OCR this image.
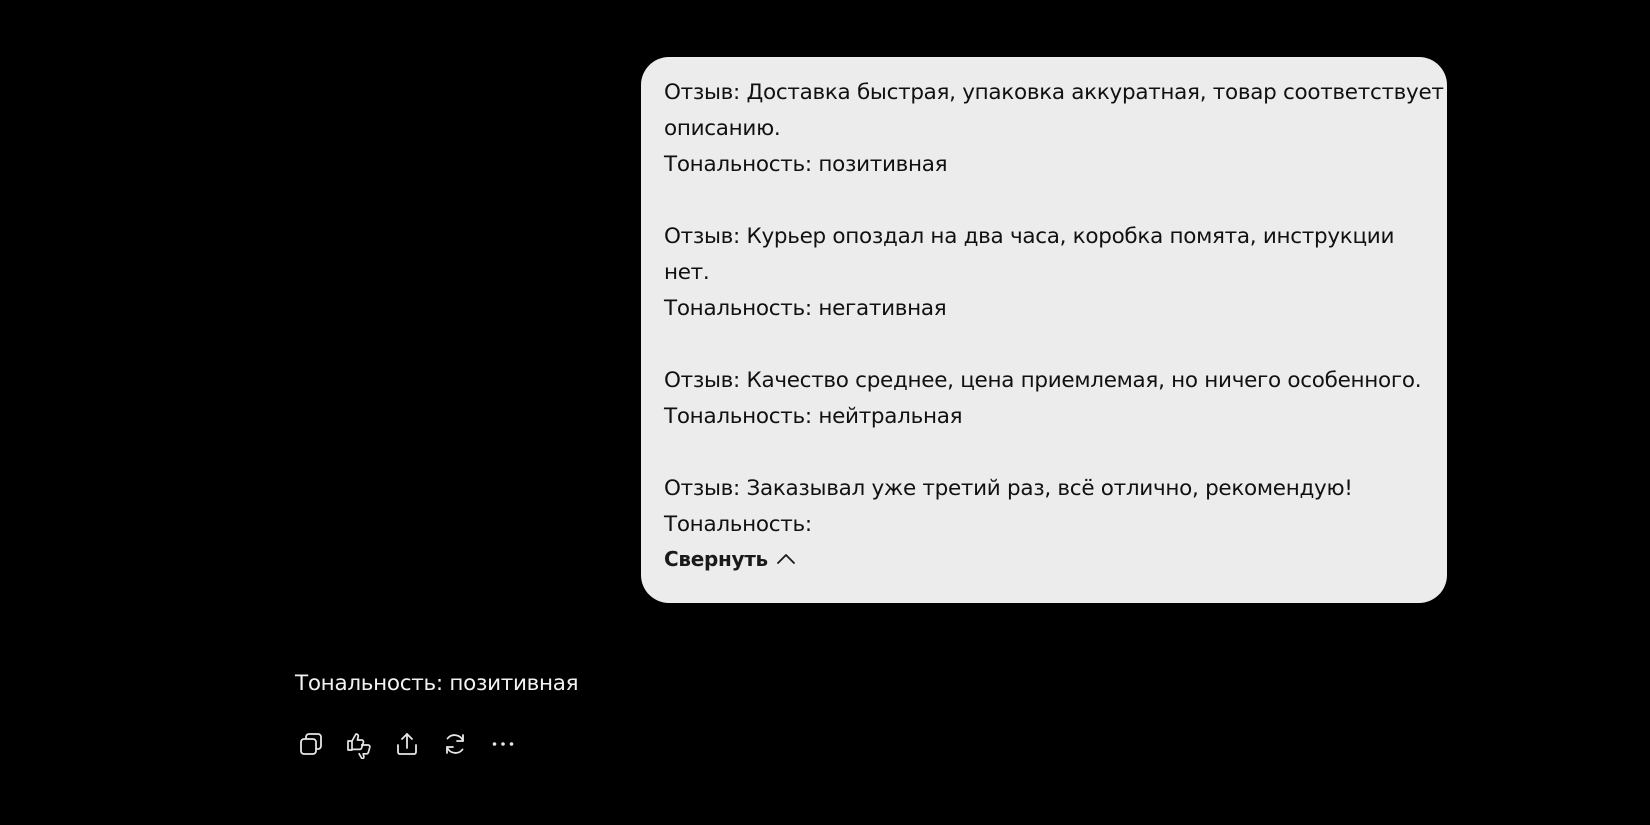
Отзыв: Доставка быстрая, упаковка аккуратная, товар соответствует
описанию.
Тональность: позитивная
Отзыв: Курьер опоздал на два часа, коробка помята, инструкции
нет.
Тональность: негативная
Отзыв: Качество среднее, цена приемлемая, но ничего особенного.
Тональность: нейтральная
Отзыв: Заказывал уже третий раз, всё отлично, рекомендую!
Тональность:
Свернуть
Тональность: позитивная
